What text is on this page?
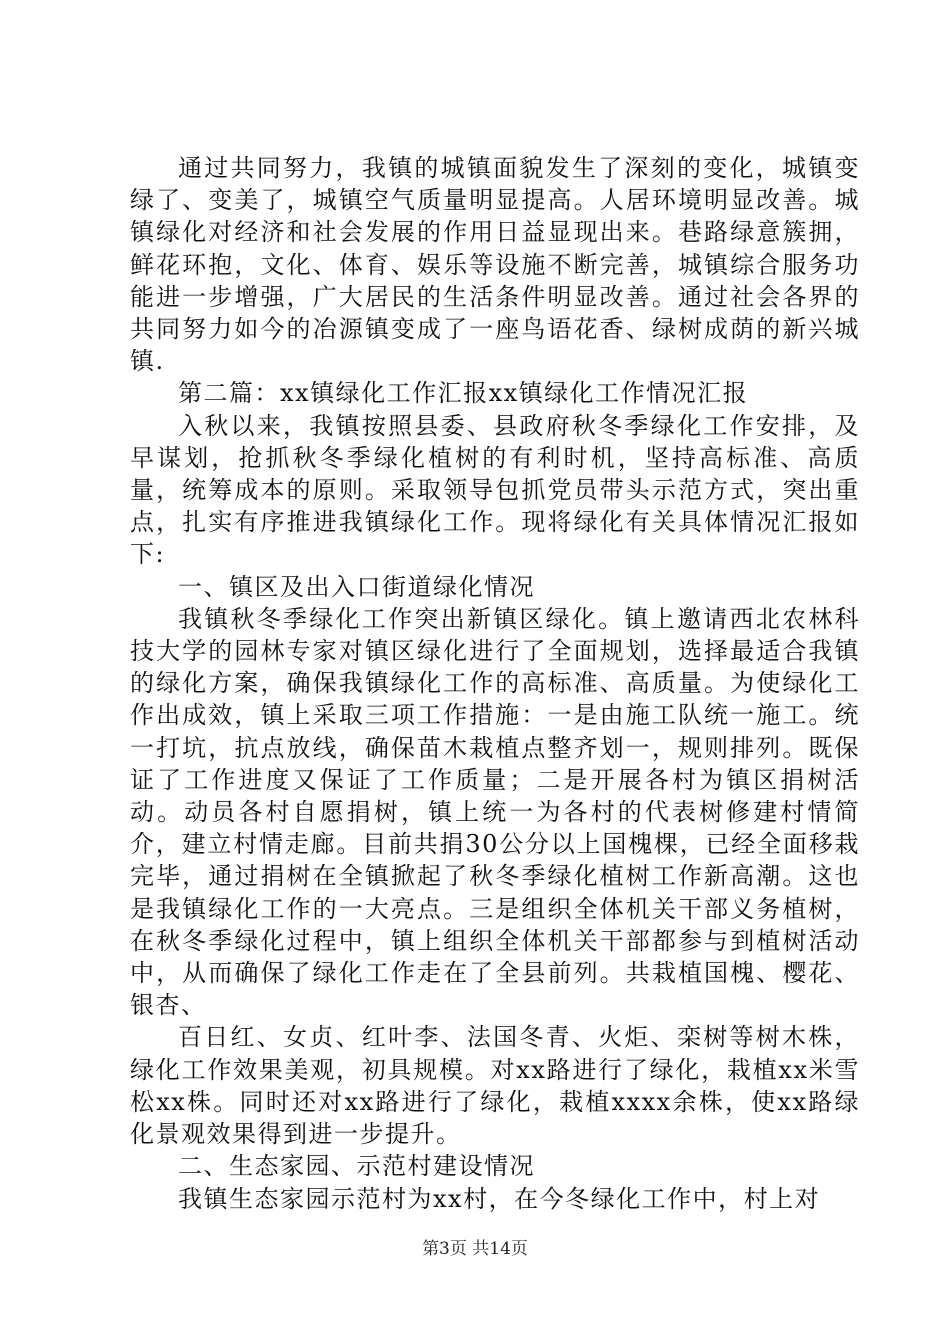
通过共同努力，我镇的城镇面貌发生了深刻的变化，城镇变绿了、变美了，城镇空气质量明显提高。人居环境明显改善。城镇绿化对经济和社会发展的作用日益显现出来。巷路绿意簇拥，鲜花环抱，文化、体育、娱乐等设施不断完善，城镇综合服务功能进一步增强，广大居民的生活条件明显改善。通过社会各界的共同努力如今的冶源镇变成了一座鸟语花香、绿树成荫的新兴城镇.

第二篇：xx镇绿化工作汇报xx镇绿化工作情况汇报

入秋以来，我镇按照县委、县政府秋冬季绿化工作安排，及早谋划，抢抓秋冬季绿化植树的有利时机，坚持高标准、高质量，统筹成本的原则。采取领导包抓党员带头示范方式，突出重点，扎实有序推进我镇绿化工作。现将绿化有关具体情况汇报如下:

一、镇区及出入口街道绿化情况

我镇秋冬季绿化工作突出新镇区绿化。镇上邀请西北农林科技大学的园林专家对镇区绿化进行了全面规划，选择最适合我镇的绿化方案，确保我镇绿化工作的高标准、高质量。为使绿化工作出成效，镇上采取三项工作措施：一是由施工队统一施工。统一打坑，抗点放线，确保苗木栽植点整齐划一，规则排列。既保证了工作进度又保证了工作质量；二是开展各村为镇区捐树活动。动员各村自愿捐树，镇上统一为各村的代表树修建村情简介，建立村情走廊。目前共捐30公分以上国槐棵，已经全面移栽完毕，通过捐树在全镇掀起了秋冬季绿化植树工作新高潮。这也是我镇绿化工作的一大亮点。三是组织全体机关干部义务植树，在秋冬季绿化过程中，镇上组织全体机关干部都参与到植树活动中，从而确保了绿化工作走在了全县前列。共栽植国槐、樱花、银杏、

百日红、女贞、红叶李、法国冬青、火炬、栾树等树木株，绿化工作效果美观，初具规模。对xx路进行了绿化，栽植xx米雪松xx株。同时还对xx路进行了绿化，栽植xxxx余株，使xx路绿化景观效果得到进一步提升。

二、生态家园、示范村建设情况

我镇生态家园示范村为xx村，在今冬绿化工作中，村上对

第3页 共14页
